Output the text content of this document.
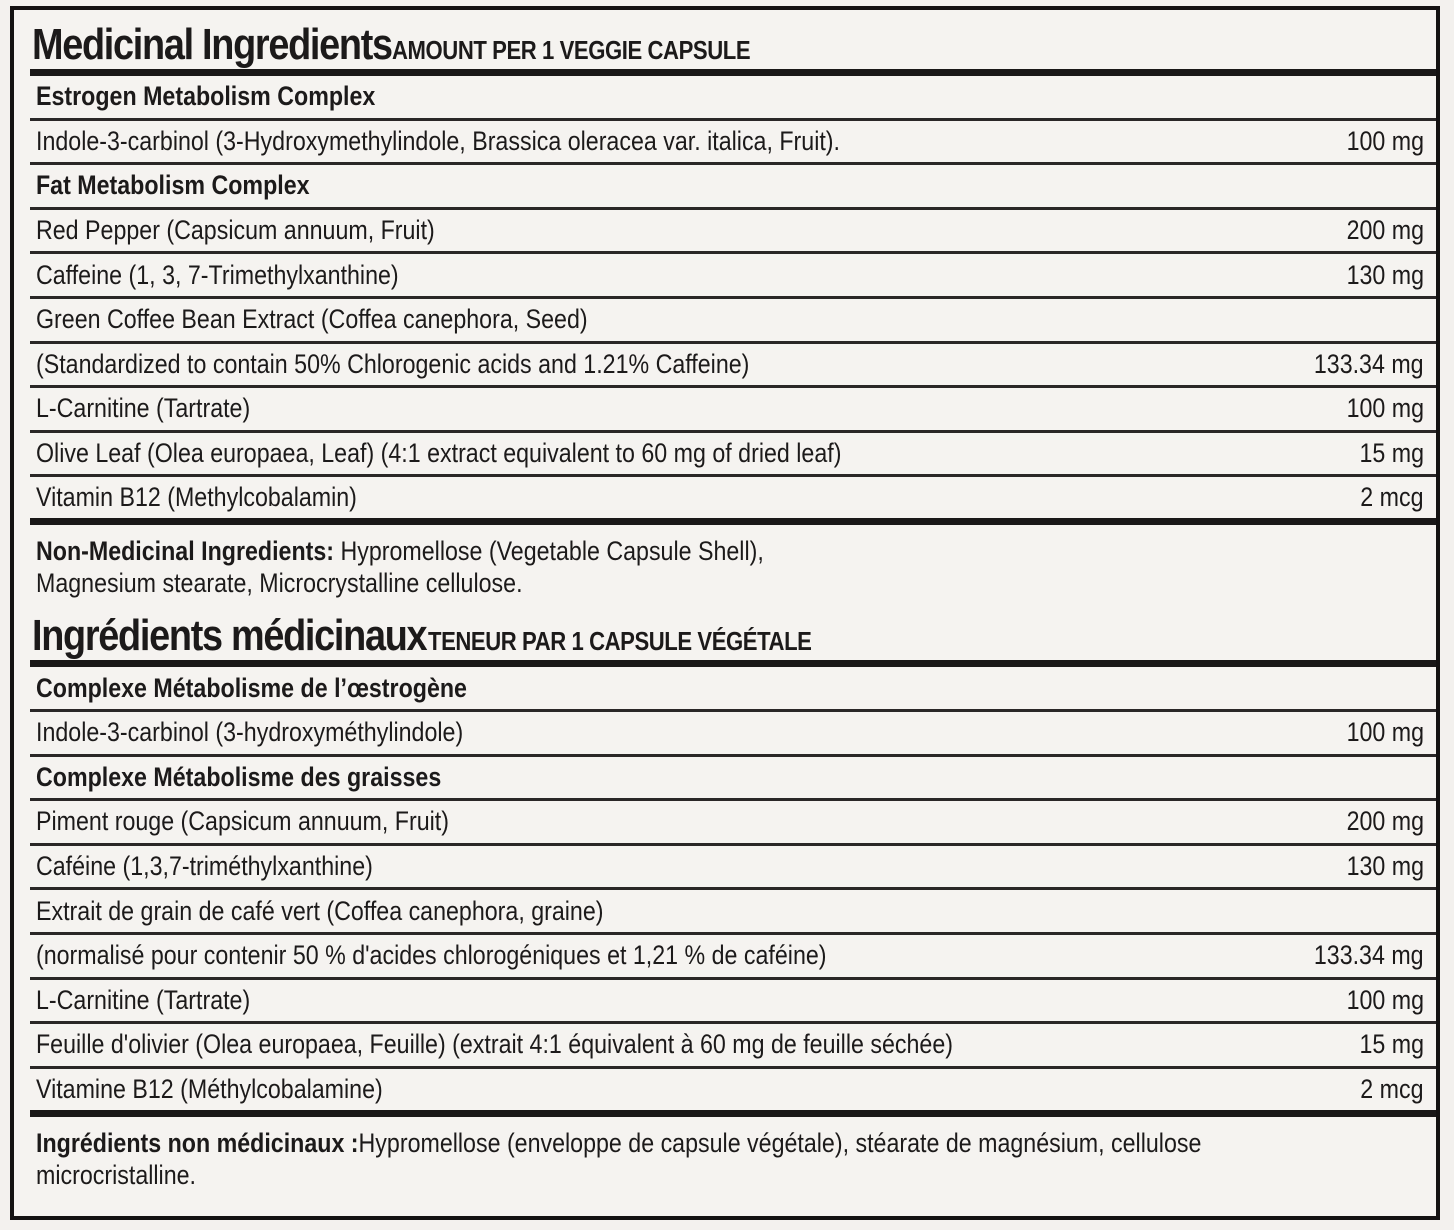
Medicinal Ingredients AMOUNT PER 1 VEGGIE CAPSULE
Estrogen Metabolism Complex
Indole-3-carbinol (3-Hydroxymethylindole, Brassica oleracea var. italica, Fruit).	100 mg
Fat Metabolism Complex
Red Pepper (Capsicum annuum, Fruit)	200 mg
Caffeine (1, 3, 7-Trimethylxanthine)	130 mg
Green Coffee Bean Extract (Coffea canephora, Seed)
(Standardized to contain 50% Chlorogenic acids and 1.21% Caffeine)	133.34 mg
L-Carnitine (Tartrate)	100 mg
Olive Leaf (Olea europaea, Leaf) (4:1 extract equivalent to 60 mg of dried leaf)	15 mg
Vitamin B12 (Methylcobalamin)	2 mcg
Non-Medicinal Ingredients: Hypromellose (Vegetable Capsule Shell),
Magnesium stearate, Microcrystalline cellulose.
Ingrédients médicinaux TENEUR PAR 1 CAPSULE VÉGÉTALE
Complexe Métabolisme de l’œstrogène
Indole-3-carbinol (3-hydroxyméthylindole)	100 mg
Complexe Métabolisme des graisses
Piment rouge (Capsicum annuum, Fruit)	200 mg
Caféine (1,3,7-triméthylxanthine)	130 mg
Extrait de grain de café vert (Coffea canephora, graine)
(normalisé pour contenir 50 % d'acides chlorogéniques et 1,21 % de caféine)	133.34 mg
L-Carnitine (Tartrate)	100 mg
Feuille d'olivier (Olea europaea, Feuille) (extrait 4:1 équivalent à 60 mg de feuille séchée)	15 mg
Vitamine B12 (Méthylcobalamine)	2 mcg
Ingrédients non médicinaux :Hypromellose (enveloppe de capsule végétale), stéarate de magnésium, cellulose
microcristalline.
